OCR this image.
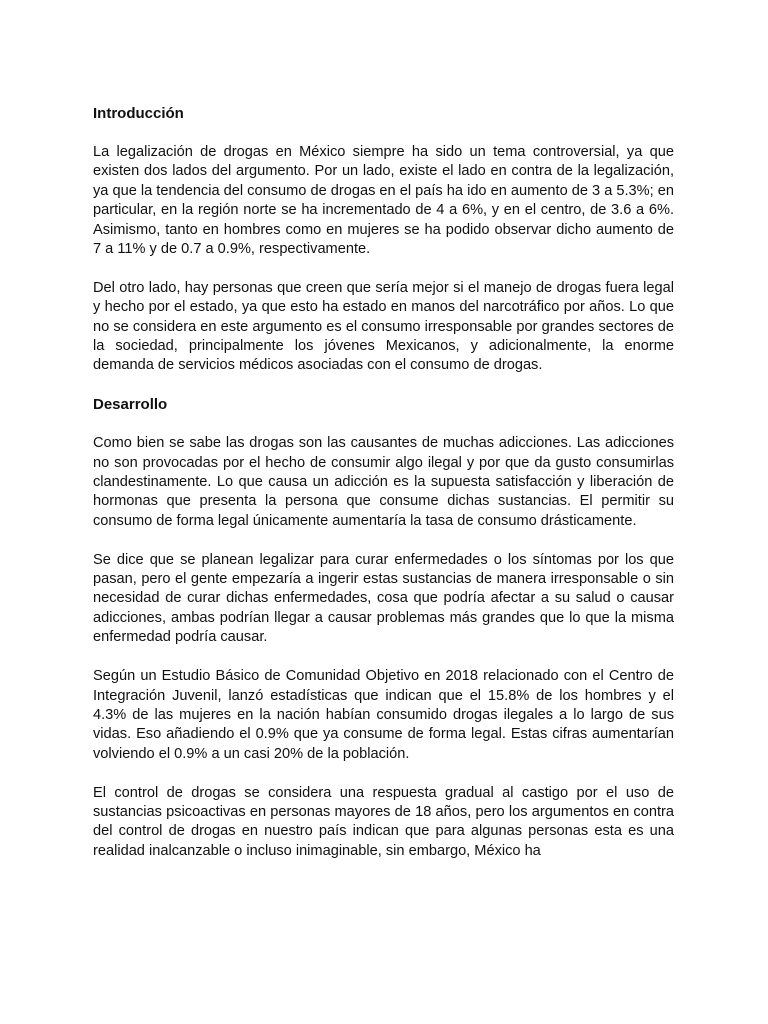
Introducción

La legalización de drogas en México siempre ha sido un tema controversial, ya que existen dos lados del argumento. Por un lado, existe el lado en contra de la legalización, ya que la tendencia del consumo de drogas en el país ha ido en aumento de 3 a 5.3%; en particular, en la región norte se ha incrementado de 4 a 6%, y en el centro, de 3.6 a 6%. Asimismo, tanto en hombres como en mujeres se ha podido observar dicho aumento de 7 a 11% y de 0.7 a 0.9%, respectivamente.

Del otro lado, hay personas que creen que sería mejor si el manejo de drogas fuera legal y hecho por el estado, ya que esto ha estado en manos del narcotráfico por años. Lo que no se considera en este argumento es el consumo irresponsable por grandes sectores de la sociedad, principalmente los jóvenes Mexicanos, y adicionalmente, la enorme demanda de servicios médicos asociadas con el consumo de drogas.

Desarrollo

Como bien se sabe las drogas son las causantes de muchas adicciones. Las adicciones no son provocadas por el hecho de consumir algo ilegal y por que da gusto consumirlas clandestinamente. Lo que causa un adicción es la supuesta satisfacción y liberación de hormonas que presenta la persona que consume dichas sustancias. El permitir su consumo de forma legal únicamente aumentaría la tasa de consumo drásticamente.

Se dice que se planean legalizar para curar enfermedades o los síntomas por los que pasan, pero el gente empezaría a ingerir estas sustancias de manera irresponsable o sin necesidad de curar dichas enfermedades, cosa que podría afectar a su salud o causar adicciones, ambas podrían llegar a causar problemas más grandes que lo que la misma enfermedad podría causar.

Según un Estudio Básico de Comunidad Objetivo en 2018 relacionado con el Centro de Integración Juvenil, lanzó estadísticas que indican que el 15.8% de los hombres y el 4.3% de las mujeres en la nación habían consumido drogas ilegales a lo largo de sus vidas. Eso añadiendo el 0.9% que ya consume de forma legal. Estas cifras aumentarían volviendo el 0.9% a un casi 20% de la población.

El control de drogas se considera una respuesta gradual al castigo por el uso de sustancias psicoactivas en personas mayores de 18 años, pero los argumentos en contra del control de drogas en nuestro país indican que para algunas personas esta es una realidad inalcanzable o incluso inimaginable, sin embargo, México ha
